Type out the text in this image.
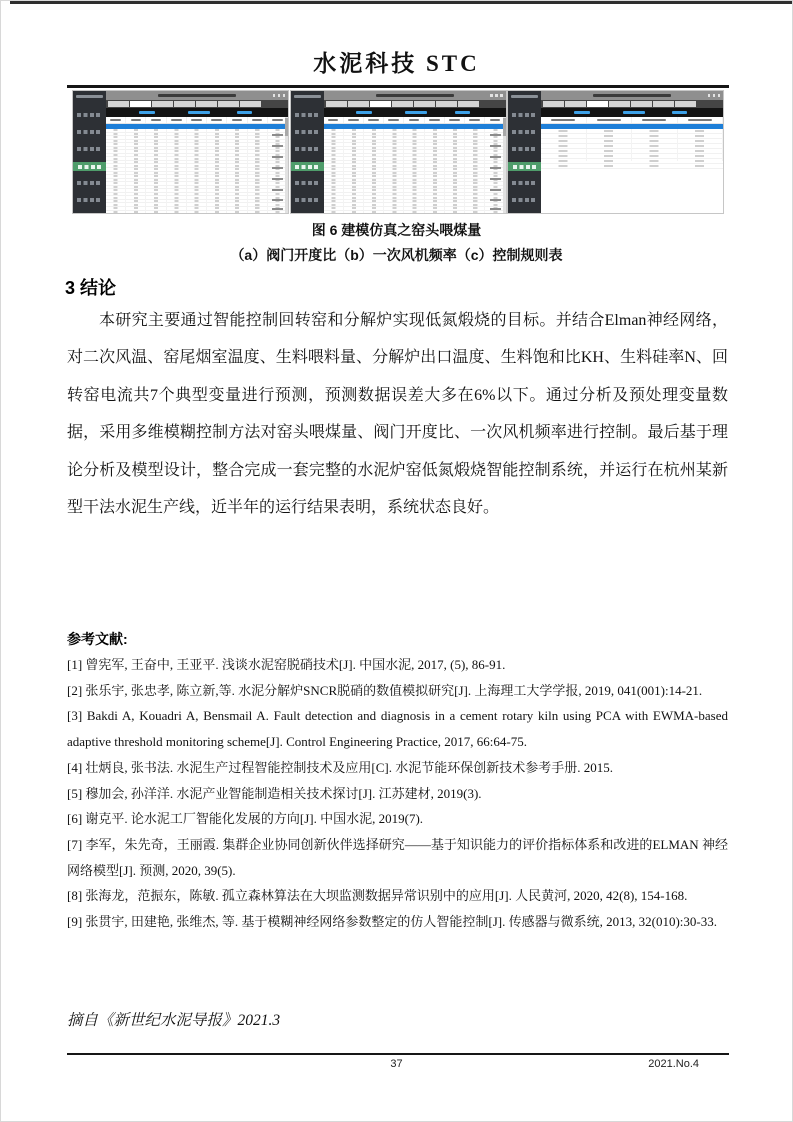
水泥科技 STC
图 6 建模仿真之窑头喂煤量
（a）阀门开度比（b）一次风机频率（c）控制规则表
3 结论
本研究主要通过智能控制回转窑和分解炉实现低氮煅烧的目标。并结合Elman神经网络，对二次风温、窑尾烟室温度、生料喂料量、分解炉出口温度、生料饱和比KH、生料硅率N、回转窑电流共7个典型变量进行预测，预测数据误差大多在6%以下。通过分析及预处理变量数据，采用多维模糊控制方法对窑头喂煤量、阀门开度比、一次风机频率进行控制。最后基于理论分析及模型设计，整合完成一套完整的水泥炉窑低氮煅烧智能控制系统，并运行在杭州某新型干法水泥生产线，近半年的运行结果表明，系统状态良好。
参考文献:

[1] 曾宪军, 王奋中, 王亚平. 浅谈水泥窑脱硝技术[J]. 中国水泥, 2017, (5), 86-91.

[2] 张乐宇, 张忠孝, 陈立新,等. 水泥分解炉SNCR脱硝的数值模拟研究[J]. 上海理工大学学报, 2019, 041(001):14-21.

[3] Bakdi A, Kouadri A, Bensmail A. Fault detection and diagnosis in a cement rotary kiln using PCA with EWMA-based adaptive threshold monitoring scheme[J]. Control Engineering Practice, 2017, 66:64-75.

[4] 壮炳良, 张书法. 水泥生产过程智能控制技术及应用[C]. 水泥节能环保创新技术参考手册. 2015.

[5] 穆加会, 孙洋洋. 水泥产业智能制造相关技术探讨[J]. 江苏建材, 2019(3).

[6] 谢克平. 论水泥工厂智能化发展的方向[J]. 中国水泥, 2019(7).

[7] 李军，朱先奇，王丽霞. 集群企业协同创新伙伴选择研究——基于知识能力的评价指标体系和改进的ELMAN 神经网络模型[J]. 预测, 2020, 39(5).

[8] 张海龙，范振东，陈敏. 孤立森林算法在大坝监测数据异常识别中的应用[J]. 人民黄河, 2020, 42(8), 154-168.

[9] 张贯宇, 田建艳, 张维杰, 等. 基于模糊神经网络参数整定的仿人智能控制[J]. 传感器与微系统, 2013, 32(010):30-33.

摘自《新世纪水泥导报》2021.3
37	2021.No.4
